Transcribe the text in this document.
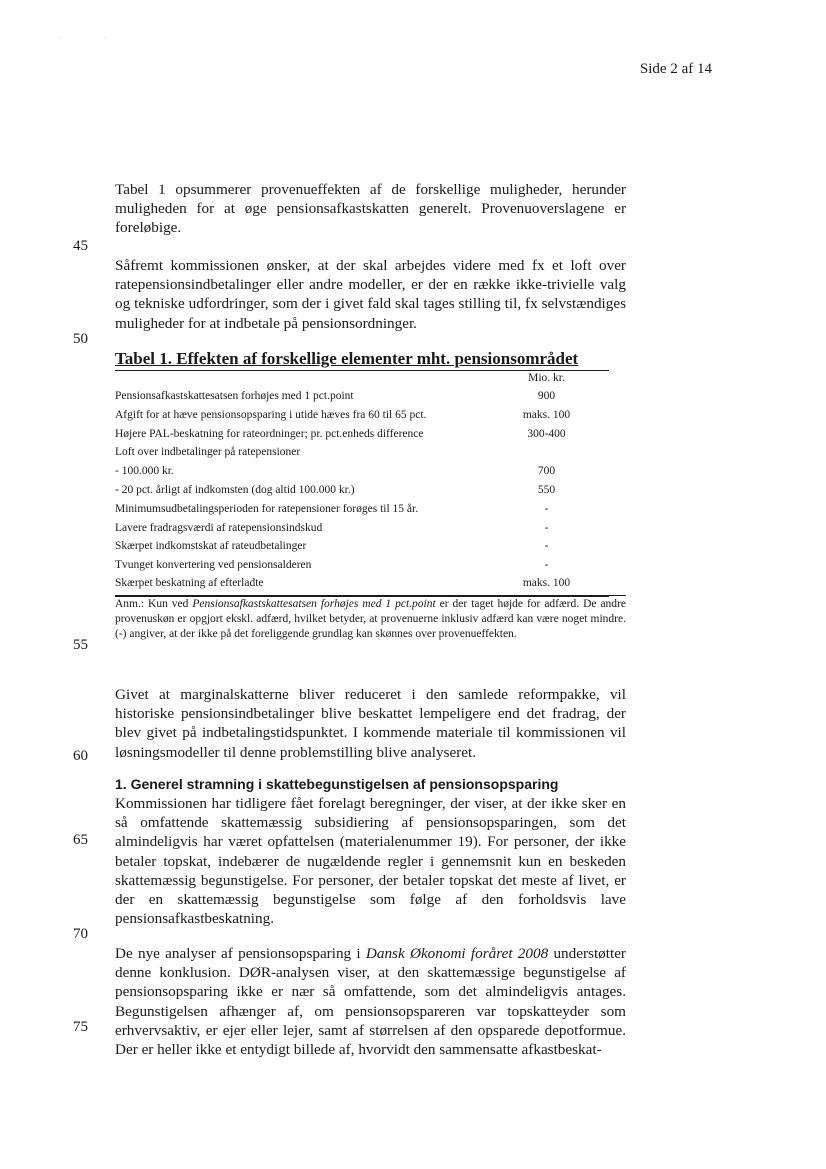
·	·
Side 2 af 14
45
50
55
60
65
70
75

Tabel 1 opsummerer provenueffekten af de forskellige muligheder, herunder muligheden for at øge pensionsafkastskatten generelt. Provenuoverslagene er foreløbige.

Såfremt kommissionen ønsker, at der skal arbejdes videre med fx et loft over ratepensionsindbetalinger eller andre modeller, er der en række ikke-trivielle valg og tekniske udfordringer, som der i givet fald skal tages stilling til, fx selvstændiges muligheder for at indbetale på pensionsordninger.

Tabel 1. Effekten af forskellige elementer mht. pensionsområdet
Mio. kr.
Pensionsafkastskattesatsen forhøjes med 1 pct.point	900
Afgift for at hæve pensionsopsparing i utide hæves fra 60 til 65 pct.	maks. 100
Højere PAL-beskatning for rateordninger; pr. pct.enheds difference	300-400
Loft over indbetalinger på ratepensioner
- 100.000 kr.	700
- 20 pct. årligt af indkomsten (dog altid 100.000 kr.)	550
Minimumsudbetalingsperioden for ratepensioner forøges til 15 år.	-
Lavere fradragsværdi af ratepensionsindskud	-
Skærpet indkomstskat af rateudbetalinger	-
Tvunget konvertering ved pensionsalderen	-
Skærpet beskatning af efterladte	maks. 100

Anm.: Kun ved Pensionsafkastskattesatsen forhøjes med 1 pct.point er der taget højde for adfærd. De andre provenuskøn er opgjort ekskl. adfærd, hvilket betyder, at provenuerne inklusiv adfærd kan være noget mindre. (-) angiver, at der ikke på det foreliggende grundlag kan skønnes over provenueffekten.

Givet at marginalskatterne bliver reduceret i den samlede reformpakke, vil historiske pensionsindbetalinger blive beskattet lempeligere end det fradrag, der blev givet på indbetalingstidspunktet. I kommende materiale til kommissionen vil løsningsmodeller til denne problemstilling blive analyseret.

1. Generel stramning i skattebegunstigelsen af pensionsopsparing

Kommissionen har tidligere fået forelagt beregninger, der viser, at der ikke sker en så omfattende skattemæssig subsidiering af pensionsopsparingen, som det almindeligvis har været opfattelsen (materialenummer 19). For personer, der ikke betaler topskat, indebærer de nugældende regler i gennemsnit kun en beskeden skattemæssig begunstigelse. For personer, der betaler topskat det meste af livet, er der en skattemæssig begunstigelse som følge af den forholdsvis lave pensionsafkastbeskatning.

De nye analyser af pensionsopsparing i Dansk Økonomi foråret 2008 understøtter denne konklusion. DØR-analysen viser, at den skattemæssige begunstigelse af pensionsopsparing ikke er nær så omfattende, som det almindeligvis antages. Begunstigelsen afhænger af, om pensionsopspareren var topskatteyder som erhvervsaktiv, er ejer eller lejer, samt af størrelsen af den opsparede depotformue. Der er heller ikke et entydigt billede af, hvorvidt den sammensatte afkastbeskat-
